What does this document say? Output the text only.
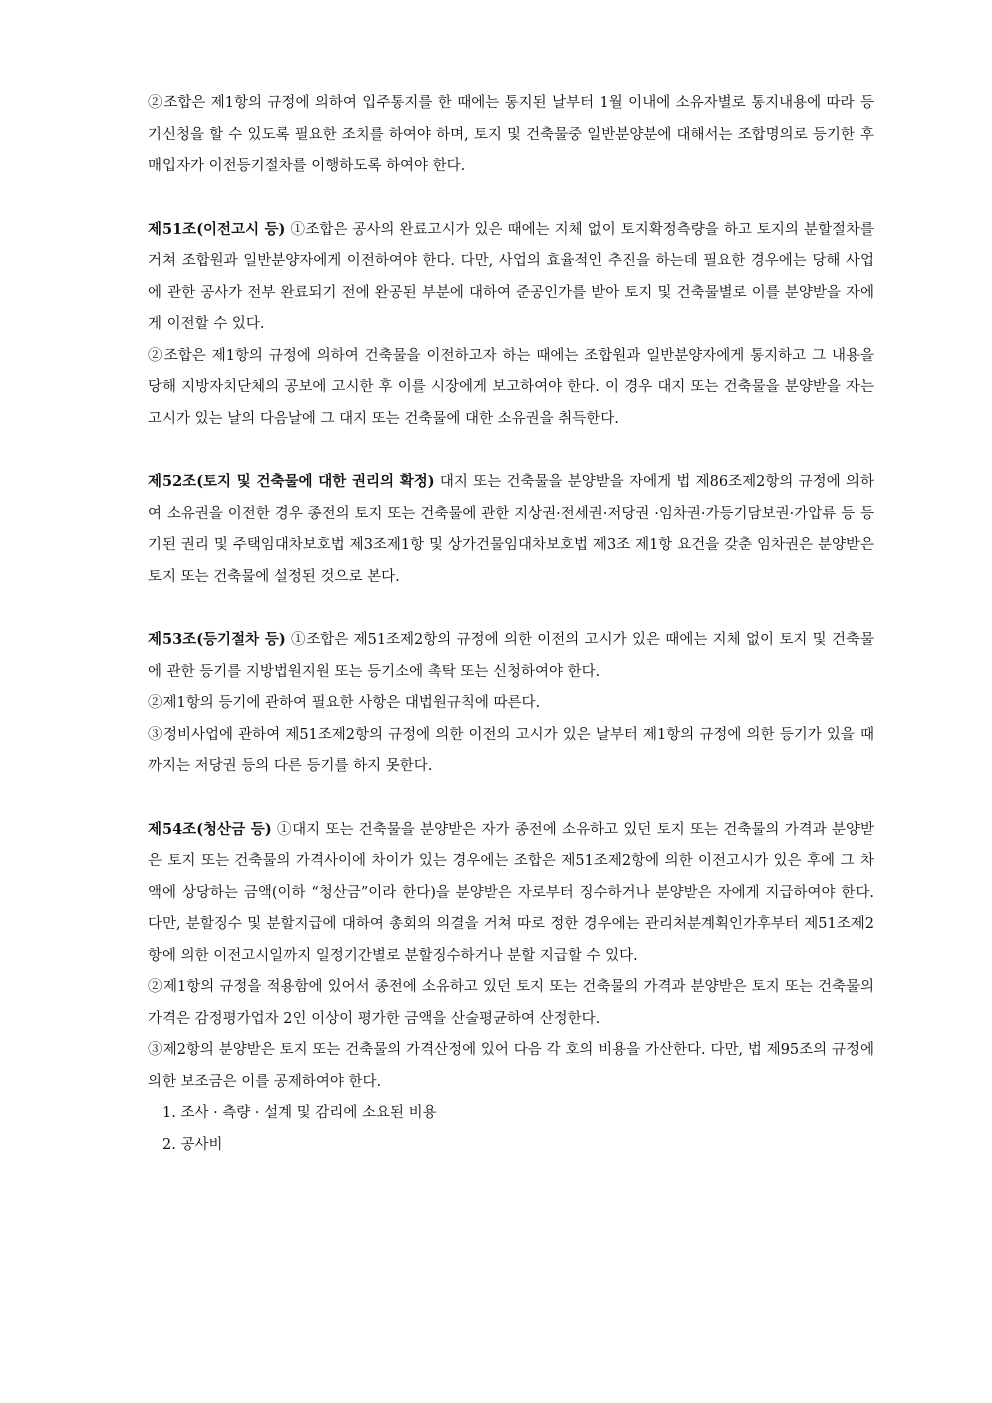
②조합은 제1항의 규정에 의하여 입주통지를 한 때에는 통지된 날부터 1월 이내에 소유자별로 통지내용에 따라 등기신청을 할 수 있도록 필요한 조치를 하여야 하며, 토지 및 건축물중 일반분양분에 대해서는 조합명의로 등기한 후 매입자가 이전등기절차를 이행하도록 하여야 한다.

제51조(이전고시 등) ①조합은 공사의 완료고시가 있은 때에는 지체 없이 토지확정측량을 하고 토지의 분할절차를 거쳐 조합원과 일반분양자에게 이전하여야 한다. 다만, 사업의 효율적인 추진을 하는데 필요한 경우에는 당해 사업에 관한 공사가 전부 완료되기 전에 완공된 부분에 대하여 준공인가를 받아 토지 및 건축물별로 이를 분양받을 자에게 이전할 수 있다.

②조합은 제1항의 규정에 의하여 건축물을 이전하고자 하는 때에는 조합원과 일반분양자에게 통지하고 그 내용을 당해 지방자치단체의 공보에 고시한 후 이를 시장에게 보고하여야 한다. 이 경우 대지 또는 건축물을 분양받을 자는 고시가 있는 날의 다음날에 그 대지 또는 건축물에 대한 소유권을 취득한다.

제52조(토지 및 건축물에 대한 권리의 확정) 대지 또는 건축물을 분양받을 자에게 법 제86조제2항의 규정에 의하여 소유권을 이전한 경우 종전의 토지 또는 건축물에 관한 지상권·전세권·저당권 ·임차권·가등기담보권·가압류 등 등기된 권리 및 주택임대차보호법 제3조제1항 및 상가건물임대차보호법 제3조 제1항 요건을 갖춘 임차권은 분양받은 토지 또는 건축물에 설정된 것으로 본다.

제53조(등기절차 등) ①조합은 제51조제2항의 규정에 의한 이전의 고시가 있은 때에는 지체 없이 토지 및 건축물에 관한 등기를 지방법원지원 또는 등기소에 촉탁 또는 신청하여야 한다.

②제1항의 등기에 관하여 필요한 사항은 대법원규칙에 따른다.

③정비사업에 관하여 제51조제2항의 규정에 의한 이전의 고시가 있은 날부터 제1항의 규정에 의한 등기가 있을 때까지는 저당권 등의 다른 등기를 하지 못한다.

제54조(청산금 등) ①대지 또는 건축물을 분양받은 자가 종전에 소유하고 있던 토지 또는 건축물의 가격과 분양받은 토지 또는 건축물의 가격사이에 차이가 있는 경우에는 조합은 제51조제2항에 의한 이전고시가 있은 후에 그 차액에 상당하는 금액(이하 “청산금”이라 한다)을 분양받은 자로부터 징수하거나 분양받은 자에게 지급하여야 한다. 다만, 분할징수 및 분할지급에 대하여 총회의 의결을 거쳐 따로 정한 경우에는 관리처분계획인가후부터 제51조제2항에 의한 이전고시일까지 일정기간별로 분할징수하거나 분할 지급할 수 있다.

②제1항의 규정을 적용함에 있어서 종전에 소유하고 있던 토지 또는 건축물의 가격과 분양받은 토지 또는 건축물의 가격은 감정평가업자 2인 이상이 평가한 금액을 산술평균하여 산정한다.

③제2항의 분양받은 토지 또는 건축물의 가격산정에 있어 다음 각 호의 비용을 가산한다. 다만, 법 제95조의 규정에 의한 보조금은 이를 공제하여야 한다.

1. 조사 · 측량 · 설계 및 감리에 소요된 비용

2. 공사비
